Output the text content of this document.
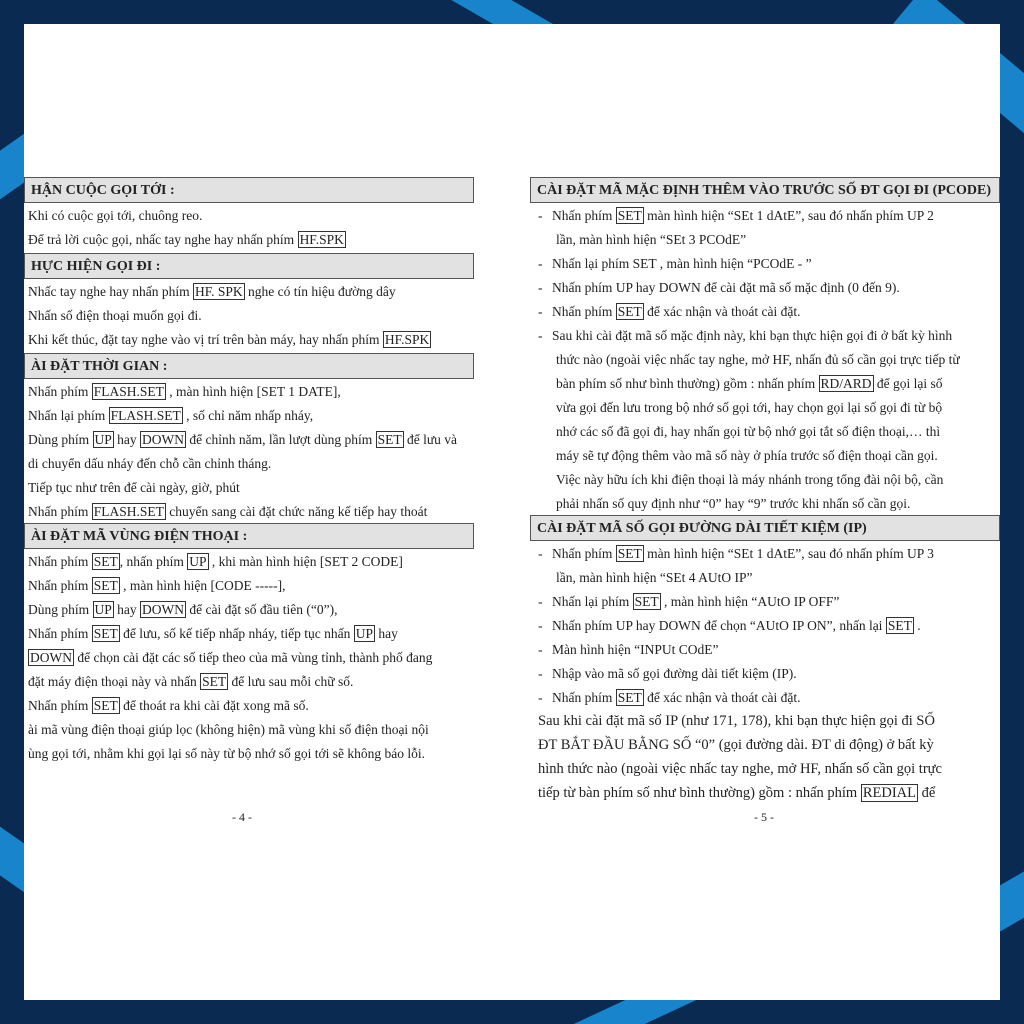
HẬN CUỘC GỌI TỚI :
Khi có cuộc gọi tới, chuông reo.
Để trả lời cuộc gọi, nhấc tay nghe hay nhấn phím HF.SPK
HỰC HIỆN GỌI ĐI :
Nhấc tay nghe hay nhấn phím HF. SPK nghe có tín hiệu đường dây
Nhấn số điện thoại muốn gọi đi.
Khi kết thúc, đặt tay nghe vào vị trí trên bàn máy, hay nhấn phím HF.SPK
ÀI ĐẶT THỜI GIAN :
Nhấn phím FLASH.SET , màn hình hiện [SET 1 DATE],
Nhấn lại phím FLASH.SET , số chỉ năm nhấp nháy,
Dùng phím UP hay DOWN để chỉnh năm, lần lượt dùng phím SET để lưu và
di chuyển dấu nháy đến chỗ cần chỉnh tháng.
Tiếp tục như trên để cài ngày, giờ, phút
Nhấn phím FLASH.SET chuyển sang cài đặt chức năng kế tiếp hay thoát
ÀI ĐẶT MÃ VÙNG ĐIỆN THOẠI :
Nhấn phím SET , nhấn phím UP , khi màn hình hiện [SET 2 CODE]
Nhấn phím SET , màn hình hiện [CODE -----],
Dùng phím UP hay DOWN để cài đặt số đầu tiên (“0”),
Nhấn phím SET để lưu, số kế tiếp nhấp nháy, tiếp tục nhấn UP hay
DOWN để chọn cài đặt các số tiếp theo của mã vùng tỉnh, thành phố đang
đặt máy điện thoại này và nhấn SET để lưu sau mỗi chữ số.
Nhấn phím SET để thoát ra khi cài đặt xong mã số.
ài mã vùng điện thoại giúp lọc (không hiện) mã vùng khi số điện thoại nội
ùng gọi tới, nhằm khi gọi lại số này từ bộ nhớ số gọi tới sẽ không báo lỗi.
CÀI ĐẶT MÃ MẶC ĐỊNH THÊM VÀO TRƯỚC SỐ ĐT GỌI ĐI (PCODE)
- Nhấn phím SET màn hình hiện “SEt 1 dAtE”, sau đó nhấn phím UP 2
lần, màn hình hiện “SEt 3 PCOdE”
- Nhấn lại phím SET , màn hình hiện “PCOdE - ”
- Nhấn phím UP hay DOWN để cài đặt mã số mặc định (0 đến 9).
- Nhấn phím SET để xác nhận và thoát cài đặt.
- Sau khi cài đặt mã số mặc định này, khi bạn thực hiện gọi đi ở bất kỳ hình
thức nào (ngoài việc nhấc tay nghe, mở HF, nhấn đủ số cần gọi trực tiếp từ
bàn phím số như bình thường) gồm : nhấn phím RD/ARD để gọi lại số
vừa gọi đến lưu trong bộ nhớ số gọi tới, hay chọn gọi lại số gọi đi từ bộ
nhớ các số đã gọi đi, hay nhấn gọi từ bộ nhớ gọi tắt số điện thoại,… thì
máy sẽ tự động thêm vào mã số này ở phía trước số điện thoại cần gọi.
Việc này hữu ích khi điện thoại là máy nhánh trong tổng đài nội bộ, cần
phải nhấn số quy định như “0” hay “9” trước khi nhấn số cần gọi.
CÀI ĐẶT MÃ SỐ GỌI ĐƯỜNG DÀI TIẾT KIỆM (IP)
- Nhấn phím SET màn hình hiện “SEt 1 dAtE”, sau đó nhấn phím UP 3
lần, màn hình hiện “SEt 4 AUtO IP”
- Nhấn lại phím SET , màn hình hiện “AUtO IP OFF”
- Nhấn phím UP hay DOWN để chọn “AUtO IP ON”, nhấn lại SET .
- Màn hình hiện “INPUt COdE”
- Nhập vào mã số gọi đường dài tiết kiệm (IP).
- Nhấn phím SET để xác nhận và thoát cài đặt.
Sau khi cài đặt mã số IP (như 171, 178), khi bạn thực hiện gọi đi SỐ
ĐT BẮT ĐẦU BẰNG SỐ “0” (gọi đường dài. ĐT di động) ở bất kỳ
hình thức nào (ngoài việc nhấc tay nghe, mở HF, nhấn số cần gọi trực
tiếp từ bàn phím số như bình thường) gồm : nhấn phím REDIAL để
- 4 -	- 5 -
